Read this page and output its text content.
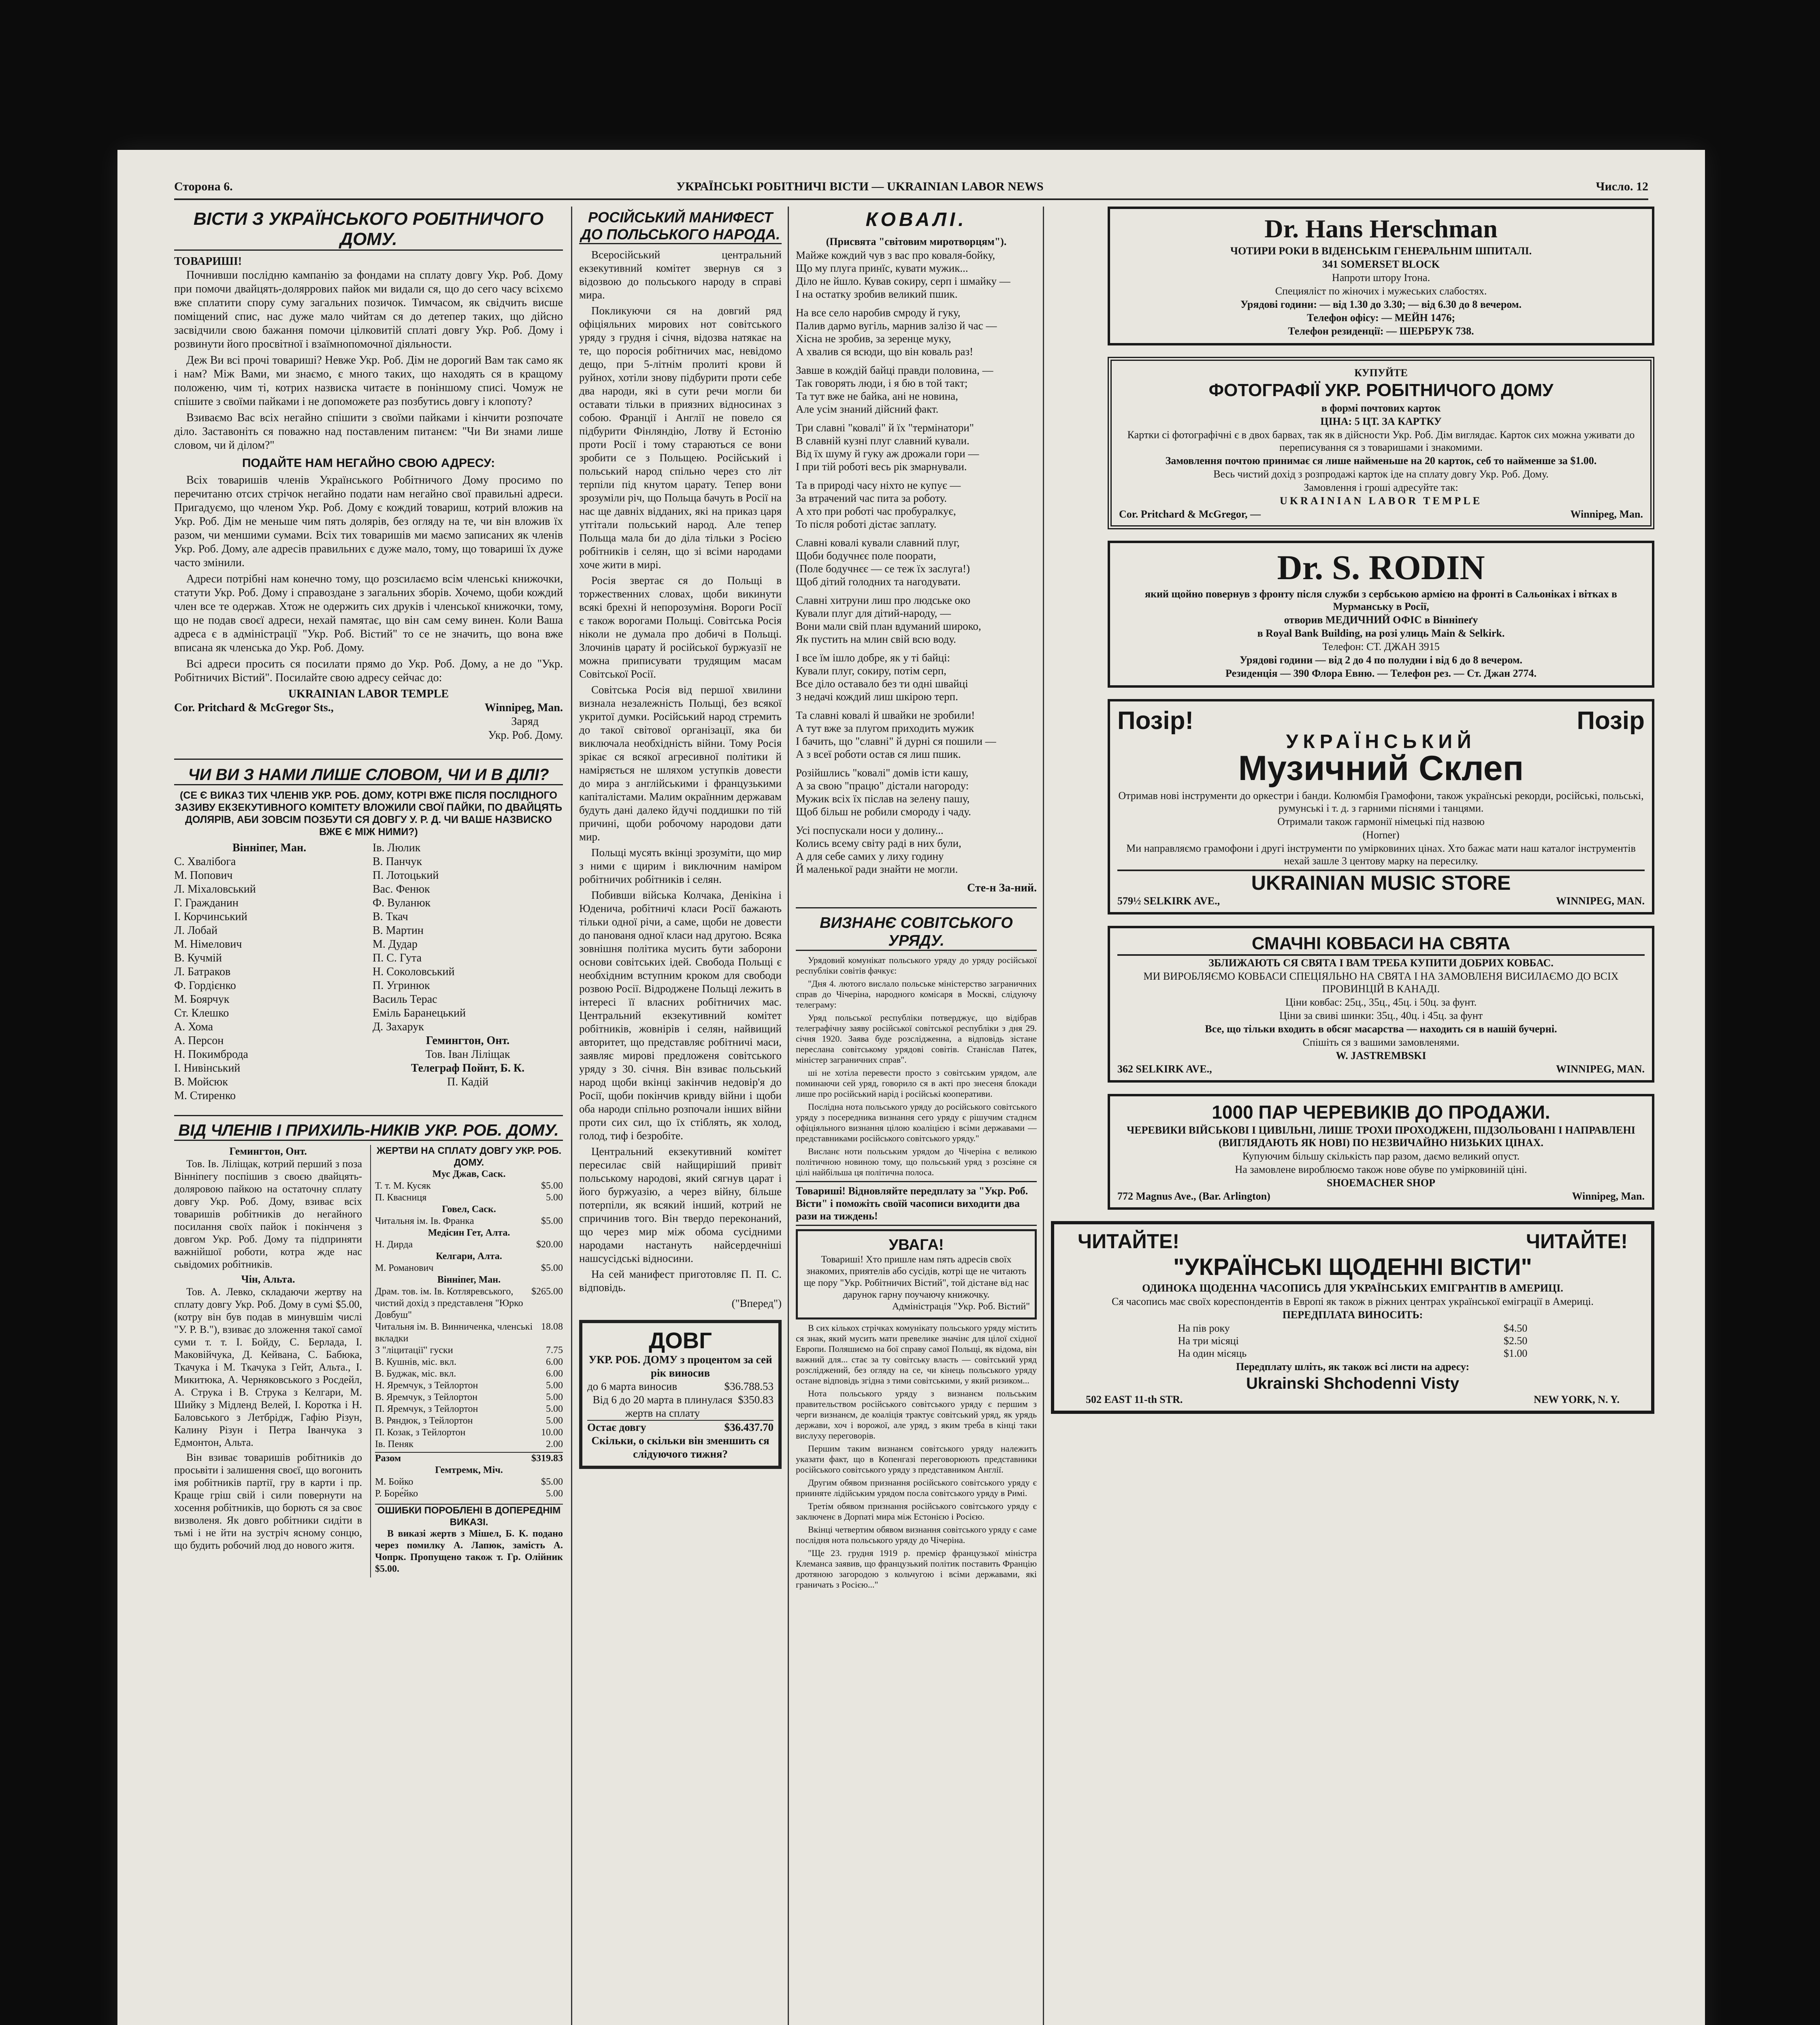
Сторона 6.	УКРАЇНСЬКІ РОБІТНИЧІ ВІСТИ — UKRAINIAN LABOR NEWS	Число. 12
ВІСТИ З УКРАЇНСЬКОГО РОБІТНИЧОГО ДОМУ.
ТОВАРИШІ!

Почнивши послідню кампанію за фондами на сплату довгу Укр. Роб. Дому при помочи двайцять-доляррових пайок ми видали ся, що до сего часу всіхємо вже сплатити спору суму загальних позичок. Тимчасом, як свідчить висше поміщений спис, нас дуже мало чийтам ся до детепер таких, що дійсно засвідчили свою бажання помочи цілковитій сплаті довгу Укр. Роб. Дому і розвинути його просвітної і взаїмнопомочної діяльности.

Деж Ви всі прочі товариші? Невже Укр. Роб. Дім не дорогий Вам так само як і нам? Між Вами, ми знаємо, є много таких, що находять ся в кращому положеню, чим ті, котрих назвиска читаєте в поніншому списі. Чомуж не спішите з своїми пайками і не допоможете раз позбутись довгу і клопоту?

Взиваємо Вас всіх негайно спішити з своїми пайками і кінчити розпочате діло. Заставоніть ся поважно над поставленим питанєм: "Чи Ви знами лише словом, чи й ділом?"

ПОДАЙТЕ НАМ НЕГАЙНО СВОЮ АДРЕСУ:

Всіх товаришів членів Українського Робітничого Дому просимо по перечитаню отсих стрічок негайно подати нам негайно свої правильні адреси. Пригадуємо, що членом Укр. Роб. Дому є кождий товариш, котрий вложив на Укр. Роб. Дім не меньше чим пять долярів, без огляду на те, чи він вложив їх разом, чи меншими сумами. Всіх тих товаришів ми маємо записаних як членів Укр. Роб. Дому, але адресів правильних є дуже мало, тому, що товариші їх дуже часто змінили.

Адреси потрібні нам конечно тому, що розсилаємо всім членські книжочки, статути Укр. Роб. Дому і справоздане з загальних зборів. Хочемо, щоби кождий член все те одержав. Хтож не одержить сих друків і членської книжочки, тому, що не подав своєї адреси, нехай памятає, що він сам сему винен. Коли Ваша адреса є в адміністрації "Укр. Роб. Вістий" то се не значить, що вона вже вписана як членська до Укр. Роб. Дому.

Всі адреси просить ся посилати прямо до Укр. Роб. Дому, а не до "Укр. Робітничих Вістий". Посилайте свою адресу сейчас до:

UKRAINIAN LABOR TEMPLE
Cor. Pritchard & McGregor Sts.,	Winnipeg, Man.
Заряд
Укр. Роб. Дому.
ЧИ ВИ З НАМИ ЛИШЕ СЛОВОМ, ЧИ И В ДІЛІ?
(СЕ Є ВИКАЗ ТИХ ЧЛЕНІВ УКР. РОБ. ДОМУ, КОТРІ ВЖЕ ПІСЛЯ ПОСЛІДНОГО ЗАЗИВУ ЕКЗЕКУТИВНОГО КОМІТЕТУ ВЛОЖИЛИ СВОЇ ПАЙКИ, ПО ДВАЙЦЯТЬ ДОЛЯРІВ, АБИ ЗОВСІМ ПОЗБУТИ СЯ ДОВГУ У. Р. Д. ЧИ ВАШЕ НАЗВИСКО ВЖЕ Є МІЖ НИМИ?)
Вінніпег, Ман.
С. Хвалібога
М. Попович
Л. Міхаловський
Г. Гражданин
І. Корчинський
Л. Лобай
М. Німелович
В. Кучмій
Л. Батраков
Ф. Гордієнко
М. Боярчук
Ст. Клешко
А. Хома
А. Персон
Н. Покимброда
І. Нивінський
В. Мойсюк
М. Стиренко
Ів. Люлик
В. Панчук
П. Лотоцький
Вас. Фенюк
Ф. Вуланюк
В. Ткач
В. Мартин
М. Дудар
П. С. Гута
Н. Соколовський
П. Угринюк
Василь Терас
Еміль Баранецький
Д. Захарук
Гемингтон, Онт.
Тов. Іван Ліліщак
Телеграф Пойнт, Б. К.
П. Кадій
ВІД ЧЛЕНІВ І ПРИХИЛЬ-НИКІВ УКР. РОБ. ДОМУ.
Гемингтон, Онт.

Тов. Ів. Ліліщак, котрий перший з поза Вінніпегу поспішив з своєю двайцять-доляровою пайкою на остаточну сплату довгу Укр. Роб. Дому, взиває всіх товаришів робітників до негайного посилання своїх пайок і покінченя з довгом Укр. Роб. Дому та підприняти важнійшої роботи, котра жде нас сьвідомих робітників.

Чін, Альта.

Тов. А. Левко, складаючи жертву на сплату довгу Укр. Роб. Дому в сумі $5.00, (котру він був подав в минувшім числі "У. Р. В."), взиває до зложення такої самої суми т. т. І. Бойду, С. Берлада, І. Маковійчука, Д. Кейвана, С. Бабюка, Ткачука і М. Ткачука з Гейт, Альта., І. Микитюка, А. Черняковського з Росдейл, А. Струка і В. Струка з Келгари, М. Шийку з Мідленд Велей, І. Коротка і Н. Баловського з Летбрідж, Гафію Різун, Калину Різун і Петра Іванчука з Едмонтон, Альта.

Він взиває товаришів робітників до просьвіти і залишення своєї, що вогонить імя робітників партії, гру в карти і пр. Краще гріш свій і сили повернути на хосення робітників, що борють ся за своє визволеня. Як довго робітники сидіти в тьмі і не йти на зустріч ясному сонцю, що будить робочий люд до нового житя.

ЖЕРТВИ НА СПЛАТУ ДОВГУ УКР. РОБ. ДОМУ.
Мус Джав, Саск.
Т. т. М. Кусяк	$5.00
П. Квасниця	5.00
Говел, Саск.
Читальня ім. Ів. Франка	$5.00
Медісин Гет, Алта.
Н. Дирда	$20.00
Келгари, Алта.
М. Романович	$5.00
Вінніпег, Ман.
Драм. тов. ім. Ів. Котляревського, чистий дохід з представленя "Юрко Довбуш"
$265.00
Читальня ім. В. Винниченка, членські вкладки
18.08
З "ліцитації" гуски	7.75
В. Кушнів, міс. вкл.	6.00
В. Буджак, міс. вкл.	6.00
Н. Яремчук, з Тейлортон	5.00
В. Яремчук, з Тейлортон	5.00
П. Яремчук, з Тейлортон	5.00
В. Ряндюк, з Тейлортон	5.00
П. Козак, з Тейлортон	10.00
Ів. Пеняк	2.00
Разом	$319.83
Гемтремк, Міч.
М. Бойко	$5.00
Р. Боре́йко	5.00
ОШИБКИ ПОРОБЛЕНІ В ДОПЕРЕДНІМ ВИКАЗІ.

В виказі жертв з Мішел, Б. К. подано через помилку А. Лапюк, замість А. Чопрк. Пропущено також т. Гр. Олійник $5.00.

РОСІЙСЬКИЙ МАНИФЕСТ ДО ПОЛЬСЬКОГО НАРОДА.

Всеросійський центральний екзекутивний комітет звернув ся з відозвою до польського народу в справі мира.

Покликуючи ся на довгий ряд офіціяльних мирових нот совітського уряду з грудня і січня, відозва натякає на те, що поросія робітничих мас, невідомо дещо, при 5-літнім пролиті крови й руйнох, хотіли знову підбурити проти себе два народи, які в сути речи могли би оставати тільки в приязних відносинах з собою. Франції і Англії не повело ся підбурити Фінляндію, Лотву й Естонію проти Росії і тому стараються се вони зробити се з Польщею. Російський і польський народ спільно через сто літ терпіли під кнутом царату. Тепер вони зрозуміли річ, що Польща бачуть в Росії на нас ще давніх відданих, які на приказ царя утгітали польський народ. Але тепер Польща мала би до діла тільки з Росією робітників і селян, що зі всіми народами хоче жити в мирі.

Росія звертає ся до Польщі в торжественних словах, щоби викинути всякі брехні й непорозуміня. Вороги Росії є також ворогами Польщі. Совітська Росія ніколи не думала про добичі в Польщі. Злочинів царату й російської буржуазії не можна приписувати трудящим масам Совітської Росії.

Совітська Росія від першої хвилини визнала незалежність Польщі, без всякої укритої думки. Російський народ стремить до такої світової організації, яка би виключала необхідність війни. Тому Росія зрікає ся всякої агресивної політики й наміряється не шляхом уступків довести до мира з англійськими і французькими капіталістами. Малим окраїнним державам будуть дані далеко йдучі поддишки по тій причині, щоби робочому народови дати мир.

Польщі мусять вкінці зрозуміти, що мир з ними є щирим і виключним наміром робітничих робітників і селян.

Побивши війська Колчака, Денікіна і Юденича, робітничі класи Росії бажають тільки одної річи, а саме, щоби не довести до панованя одної класи над другою. Всяка зовнішня політика мусить бути заборони основи совітських ідей. Свобода Польщі є необхідним вступним кроком для свободи розвою Росії. Відроджене Польщі лежить в інтересі її власних робітничих мас. Центральний екзекутивний комітет робітників, жовнірів і селян, найвищий авторитет, що представляє робітничі маси, заявляє мирові предложеня совітського уряду з 30. січня. Він взиває польський народ щоби вкінці закінчив недовір'я до Росії, щоби покінчив кривду війни і щоби оба народи спільно розпочали інших війни проти сих сил, що їх стіблять, як холод, голод, тиф і безробіте.

Центральний екзекутивний комітет пересилає свій найщиріший привіт польському народові, який сягнув царат і його буржуазію, а через війну, більше потерпіли, як всякий інший, котрий не спричинив того. Він твердо переконаний, що через мир між обома сусідними народами настануть найсердечніші нашсусідські відносини.

На сей манифест приготовляє П. П. С. відповідь.

("Вперед")
ДОВГ
УКР. РОБ. ДОМУ з процентом за сей рік виносив
до 6 марта виносив	$36.788.53
Від 6 до 20 марта в плинулася жертв на сплату
$350.83
Остає довгу	$36.437.70
Скільки, о скільки він зменшить ся слідуючого тижня?
КОВАЛІ.
(Присвята "світовим миротворцям").
Майже кождий чув з вас про коваля-бойку,
Що му плуга принїс, кувати мужик...
Діло не йшло. Кував сокиру, серп і шмайку —
І на остатку зробив великий пшик.
На все село наробив смроду й гуку,
Палив дармо вугіль, марнив залізо й час —
Хісна не зробив, за зеренце муку,
А хвалив ся всюди, що він коваль раз!
Завше в кождій байці правди половина, —
Так говорять люди, і я бю в той такт;
Та тут вже не байка, ані не новина,
Але усім знаний дійсний факт.
Три славні "ковалі" й їх "термінатори"
В славній кузні плуг славний кували.
Від їх шуму й гуку аж дрожали гори —
І при тій роботі весь рік змарнували.
Та в природі часу ніхто не купує —
За втрачений час пита за роботу.
А хто при роботі час пробуралкує,
То після роботі дістає заплату.
Славні ковалі кували славний плуг,
Щоби бодучнєє поле поорати,
(Поле бодучнєє — се теж їх заслуга!)
Щоб дітий голодних та нагодувати.
Славні хитруни лиш про людське око
Кували плуг для дітий-народу, —
Вони мали свій план вдуманий широко,
Як пустить на млин свій всю воду.
І все їм ішло добре, як у ті байці:
Кували плуг, сокиру, потім серп,
Все діло оставало без ти одні швайці
З недачі кождий лиш шкірою терп.
Та славні ковалі й швайки не зробили!
А тут вже за плугом приходить мужик
І бачить, що "славні" й дурні ся пошили —
А з всеї роботи остав ся лиш пшик.
Розійшлись "ковалі" домів істи кашу,
А за свою "працю" дістали нагороду:
Мужик всіх їх післав на зелену пашу,
Щоб більш не робили смороду і чаду.
Усі поспускали носи у долину...
Колись всему світу раді в них були,
А для себе самих у лиху годину
Й маленької ради знайти не могли.
Сте-н За-ний.
ВИЗНАНЄ СОВІТСЬКОГО УРЯДУ.

Урядовий комунікат польського уряду до уряду російської республіки совітів фачкує:

"Дня 4. лютого вислало польське міністерство заграничних справ до Чічеріна, народного комісаря в Москві, слідуючу телеграму:

Уряд польської республіки потверджує, що відібрав телеграфічну заяву російської совітської республіки з дня 29. січня 1920. Заява буде розслідженна, а відповідь зістане переслана совітському урядові совітів. Станіслав Патек, міністер заграничних справ".

ші не хотіла перевести просто з совітським урядом, але поминаючи сей уряд, говорило ся в акті про знесеня блокади лише про російський нарід і російські кооперативи.

Послідна нота польського уряду до російського совітського уряду з посередника визнання сего уряду є рішучим стаднєм офіціяльного визнання цілою коаліцією і всіми державами — представниками російського совітського уряду."

Висланє ноти польським урядом до Чічеріна є великою політичною новиною тому, що польський уряд з розсіяне ся цілі найбільша ця політична полоса.

Товариші! Відновляйте передплату за "Укр. Роб. Вісти" і поможіть своїй часописи виходити два рази на тиждень!
УВАГА!
Товариші! Хто пришле нам пять адресів своїх знакомих, приятелів або сусідів, котрі ще не читають ще пору "Укр. Робітничих Вістий", той дістане від нас дарунок гарну поучаючу книжочку.
Адміністрація "Укр. Роб. Вістий"

В сих кількох стрічках комунікату польського уряду містить ся знак, який мусить мати превелике значінє для цілої східної Европи. Поляшиємо на бої справу самої Польщі, як відома, він важний для... стає за ту совітську власть — совітський уряд розсліджений, без огляду на се, чи кінець польського уряду остане відповідь згідна з тими совітськими, у який ризиком...

Нота польського уряду з визнанєм польським правительством російського совітського уряду є першим з черги визнанєм, де коаліція трактує совітський уряд, як урядь держави, хоч і ворожої, але уряд, з яким треба в кінці таки вислуху переговорів.

Першим таким визнанєм совітського уряду належить указати факт, що в Копенгазі переговорюють представники російського совітського уряду з представником Англії.

Другим обявом признання російського совітського уряду є прииняте лідійським урядом посла совітського уряду в Римі.

Третім обявом признання російського совітського уряду є заключенє в Дорпаті мира між Естонією і Росією.

Вкінці четвертим обявом визнання совітського уряду є саме послідня нота польського уряду до Чічеріна.

"Ще 23. грудня 1919 р. премієр французької міністра Клеманса заявив, що французький політик поставить Францію дротяною загородою з кольчугою і всіми державами, які граничать з Росією..."

Dr. Hans Herschman

ЧОТИРИ РОКИ В ВІДЕНСЬКІМ ГЕНЕРАЛЬНІМ ШПИТАЛІ.

341 SOMERSET BLOCK

Напроти штору Ітона.

Специяліст по жіночих і мужеських слабостях.

Урядові години: — від 1.30 до 3.30; — від 6.30 до 8 вечером.

Телефон офісу: — МЕЙН 1476;

Телефон резиденції: — ШЕРБРУК 738.

КУПУЙТЕ

ФОТОГРАФІЇ УКР. РОБІТНИЧОГО ДОМУ

в формі почтових карток

ЦІНА: 5 ЦТ. ЗА КАРТКУ

Картки сі фотографічні є в двох барвах, так як в дійсности Укр. Роб. Дім виглядає. Карток сих можна уживати до переписування ся з товаришами і знакомими.

Замовлення почтою принимає ся лише найменьше на 20 карток, себ то найменше за $1.00.

Весь чистий дохід з розпродажі карток іде на сплату довгу Укр. Роб. Дому.

Замовлення і гроші адресуйте так:

UKRAINIAN LABOR TEMPLE

Cor. Pritchard & McGregor, —	Winnipeg, Man.
Dr. S. RODIN

який щойно повернув з фронту після служби з сербською армією на фронті в Сальоніках і вітках в Мурманську в Росії,

отворив МЕДИЧНИЙ ОФІС в Вінніпеґу

в Royal Bank Building, на розі улиць Main & Selkirk.

Телефон: СТ. ДЖАН 3915

Урядові години — від 2 до 4 по полудни і від 6 до 8 вечером.

Резиденція — 390 Флора Евню. — Телефон рез. — Ст. Джан 2774.

Позір!	Позір
УКРАЇНСЬКИЙ
Музичний Склеп

Отримав нові інструменти до оркестри і банди. Колюмбія Грамофони, також українські рекорди, російські, польські, румунські і т. д. з гарними піснями і танцями.

Отримали також гармонії німецькі під назвою

(Horner)

Ми направляємо грамофони і другі інструменти по умірковиних цінах. Хто бажає мати наш каталог інструментів нехай зашле 3 центову марку на пересилку.

UKRAINIAN MUSIC STORE
579½ SELKIRK AVE.,	WINNIPEG, MAN.
СМАЧНІ КОВБАСИ НА СВЯТА

ЗБЛИЖАЮТЬ СЯ СВЯТА І ВАМ ТРЕБА КУПИТИ ДОБРИХ КОВБАС.

МИ ВИРОБЛЯЄМО КОВБАСИ СПЕЦІЯЛЬНО НА СВЯТА І НА ЗАМОВЛЕНЯ ВИСИЛАЄМО ДО ВСІХ ПРОВИНЦІЙ В КАНАДІ.

Ціни ковбас: 25ц., 35ц., 45ц. і 50ц. за фунт.

Ціни за свиві шинки: 35ц., 40ц. і 45ц. за фунт

Все, що тільки входить в обсяг масарства — находить ся в нашій бучерні.

Спішіть ся з вашими замовленями.

W. JASTREMBSKI

362 SELKIRK AVE.,	WINNIPEG, MAN.
1000 ПАР ЧЕРЕВИКІВ ДО ПРОДАЖИ.

ЧЕРЕВИКИ ВІЙСЬКОВІ І ЦИВІЛЬНІ, ЛИШЕ ТРОХИ ПРОХОДЖЕНІ, ПІДЗОЛЬОВАНІ І НАПРАВЛЕНІ (ВИГЛЯДАЮТЬ ЯК НОВІ) ПО НЕЗВИЧАЙНО НИЗЬКИХ ЦІНАХ.

Купуючим більшу скількість пар разом, даємо великий опуст.

На замовлене вироблюємо також нове обуве по умірковиній ціні.

SHOEMACHER SHOP

772 Magnus Ave., (Bar. Arlington)	Winnipeg, Man.
ЧИТАЙТЕ!	ЧИТАЙТЕ!
"УКРАЇНСЬКІ ЩОДЕННІ ВІСТИ"

ОДИНОКА ЩОДЕННА ЧАСОПИСЬ ДЛЯ УКРАЇНСЬКИХ ЕМІГРАНТІВ В АМЕРИЦІ.

Ся часопись має своїх кореспондентів в Европі як також в ріжних центрах української еміграції в Америці.

ПЕРЕДПЛАТА ВИНОСИТЬ:

На пів року	$4.50
На три місяці	$2.50
На один місяць	$1.00

Передплату шліть, як також всі листи на адресу:

Ukrainski Shchodenni Visty
502 EAST 11-th STR.	NEW YORK, N. Y.
